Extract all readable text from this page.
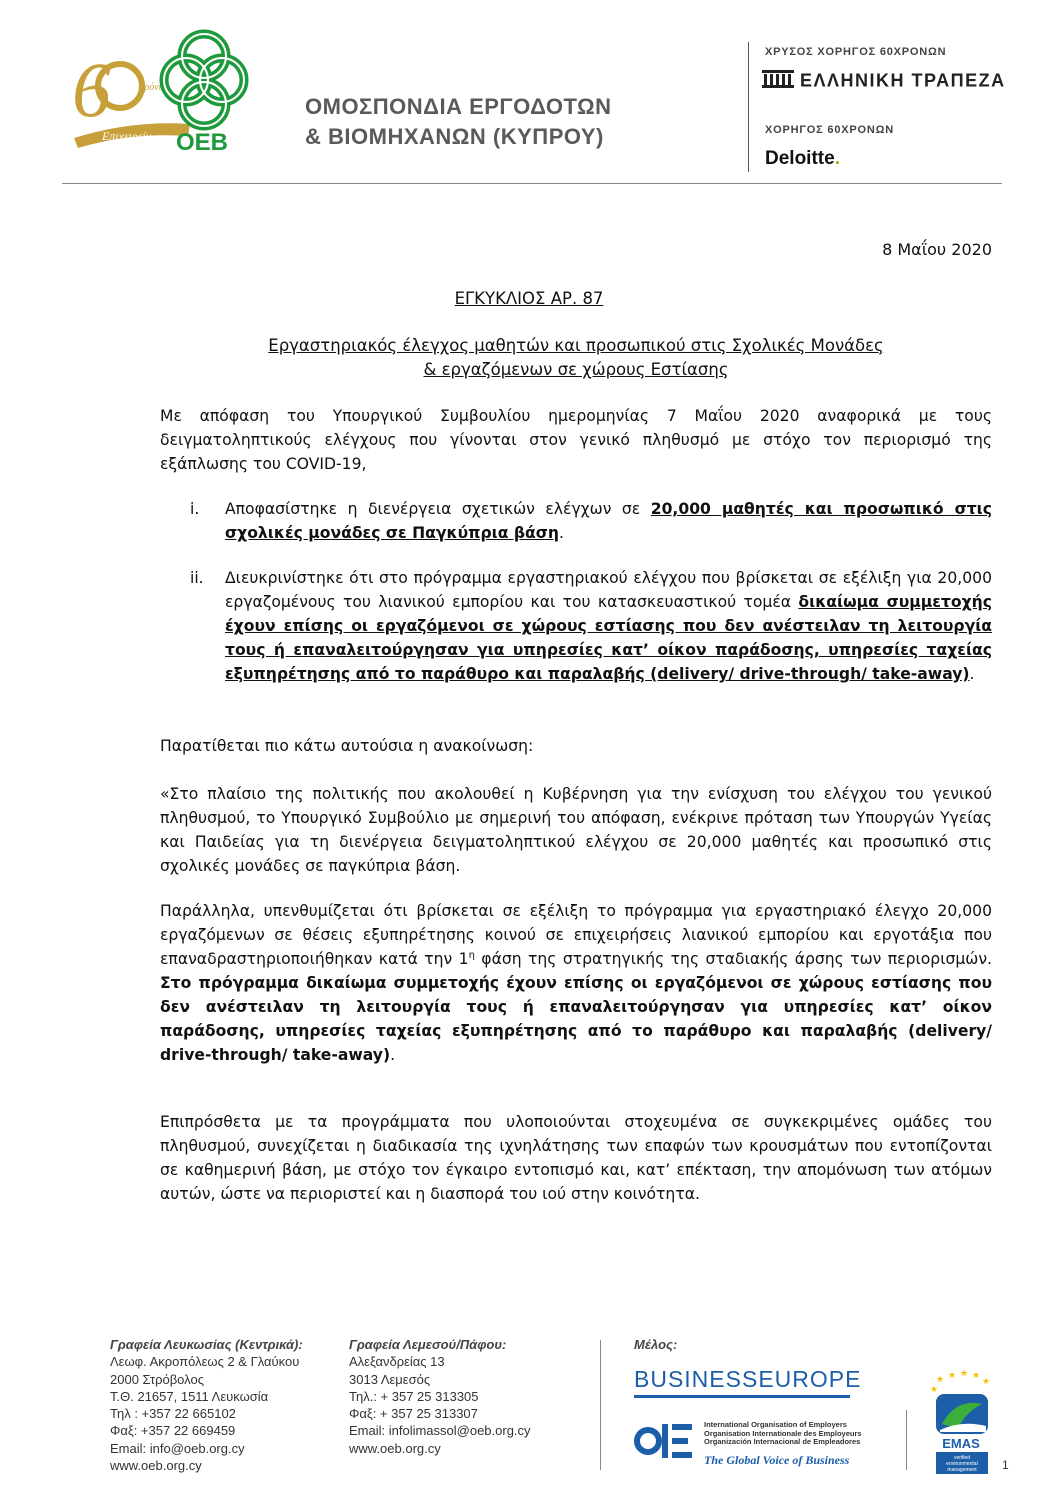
6	χρόνια
Επιχειρείν OEB
ΟΜΟΣΠΟΝΔΙΑ ΕΡΓΟΔΟΤΩΝ
& ΒΙΟΜΗΧΑΝΩΝ (ΚΥΠΡΟΥ)
ΧΡΥΣΟΣ ΧΟΡΗΓΟΣ 60ΧΡΟΝΩΝ
ΕΛΛΗΝΙΚΗ ΤΡΑΠΕΖΑ
ΧΟΡΗΓΟΣ 60ΧΡΟΝΩΝ
Deloitte.
8 Μαΐου 2020
ΕΓΚΥΚΛΙΟΣ ΑΡ. 87
Εργαστηριακός έλεγχος μαθητών και προσωπικού στις Σχολικές Μονάδες
& εργαζόμενων σε χώρους Εστίασης
Με απόφαση του Υπουργικού Συμβουλίου ημερομηνίας 7 Μαΐου 2020 αναφορικά με τους δειγματοληπτικούς ελέγχους που γίνονται στον γενικό πληθυσμό με στόχο τον περιορισμό της εξάπλωσης του COVID-19,
i. Αποφασίστηκε η διενέργεια σχετικών ελέγχων σε 20,000 μαθητές και προσωπικό στις σχολικές μονάδες σε Παγκύπρια βάση.
ii. Διευκρινίστηκε ότι στο πρόγραμμα εργαστηριακού ελέγχου που βρίσκεται σε εξέλιξη για 20,000 εργαζομένους του λιανικού εμπορίου και του κατασκευαστικού τομέα δικαίωμα συμμετοχής έχουν επίσης οι εργαζόμενοι σε χώρους εστίασης που δεν ανέστειλαν τη λειτουργία τους ή επαναλειτούργησαν για υπηρεσίες κατ’ οίκον παράδοσης, υπηρεσίες ταχείας εξυπηρέτησης από το παράθυρο και παραλαβής (delivery/ drive-through/ take-away).
Παρατίθεται πιο κάτω αυτούσια η ανακοίνωση:
«Στο πλαίσιο της πολιτικής που ακολουθεί η Κυβέρνηση για την ενίσχυση του ελέγχου του γενικού πληθυσμού, το Υπουργικό Συμβούλιο με σημερινή του απόφαση, ενέκρινε πρόταση των Υπουργών Υγείας και Παιδείας για τη διενέργεια δειγματοληπτικού ελέγχου σε 20,000 μαθητές και προσωπικό στις σχολικές μονάδες σε παγκύπρια βάση.
Παράλληλα, υπενθυμίζεται ότι βρίσκεται σε εξέλιξη το πρόγραμμα για εργαστηριακό έλεγχο 20,000 εργαζόμενων σε θέσεις εξυπηρέτησης κοινού σε επιχειρήσεις λιανικού εμπορίου και εργοτάξια που επαναδραστηριοποιήθηκαν κατά την $1^\eta$ φάση της στρατηγικής της σταδιακής άρσης των περιορισμών. Στο πρόγραμμα δικαίωμα συμμετοχής έχουν επίσης οι εργαζόμενοι σε χώρους εστίασης που δεν ανέστειλαν τη λειτουργία τους ή επαναλειτούργησαν για υπηρεσίες κατ’ οίκον παράδοσης, υπηρεσίες ταχείας εξυπηρέτησης από το παράθυρο και παραλαβής (delivery/ drive-through/ take-away).
Επιπρόσθετα με τα προγράμματα που υλοποιούνται στοχευμένα σε συγκεκριμένες ομάδες του πληθυσμού, συνεχίζεται η διαδικασία της ιχνηλάτησης των επαφών των κρουσμάτων που εντοπίζονται σε καθημερινή βάση, με στόχο τον έγκαιρο εντοπισμό και, κατ’ επέκταση, την απομόνωση των ατόμων αυτών, ώστε να περιοριστεί και η διασπορά του ιού στην κοινότητα.
Γραφεία Λευκωσίας (Κεντρικά):
Λεωφ. Ακροπόλεως 2 & Γλαύκου
2000 Στρόβολος
Τ.Θ. 21657, 1511 Λευκωσία
Τηλ : +357 22 665102
Φαξ: +357 22 669459
Email: info@oeb.org.cy
www.oeb.org.cy
Γραφεία Λεμεσού/Πάφου:
Αλεξανδρείας 13
3013 Λεμεσός
Τηλ.: + 357 25 313305
Φαξ: + 357 25 313307
Email: infolimassol@oeb.org.cy
www.oeb.org.cy
Μέλος:
BUSINESSEUROPE
International Organisation of Employers
Organisation Internationale des Employeurs
Organización Internacional de Empleadores
The Global Voice of Business
★ ★ ★ ★
★
★
EMAS
verified
environmental
management 1
